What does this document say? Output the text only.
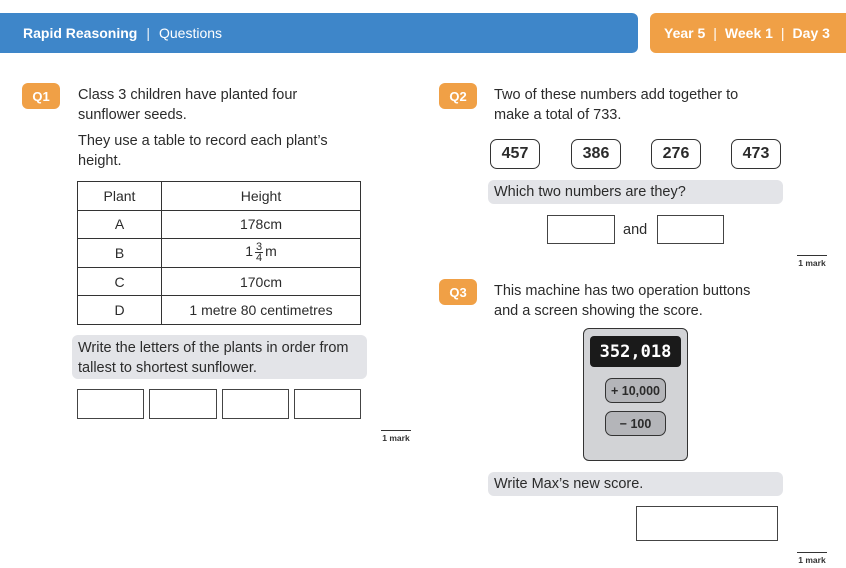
Rapid Reasoning | Questions	Year 5 | Week 1 | Day 3
Q1	Class 3 children have planted four
sunflower seeds.
They use a table to record each plant’s
height.
Plant	Height
A	178cm
B	$1 \frac{3}{4}$ m
C	170cm
D	1 metre 80 centimetres
Write the letters of the plants in order from
tallest to shortest sunflower.
1 mark
Q2	Two of these numbers add together to
make a total of 733.
457	386	276	473
Which two numbers are they?
and
1 mark
Q3	This machine has two operation buttons
and a screen showing the score.
352,018
+ 10,000
− 100
Write Max’s new score.
1 mark
